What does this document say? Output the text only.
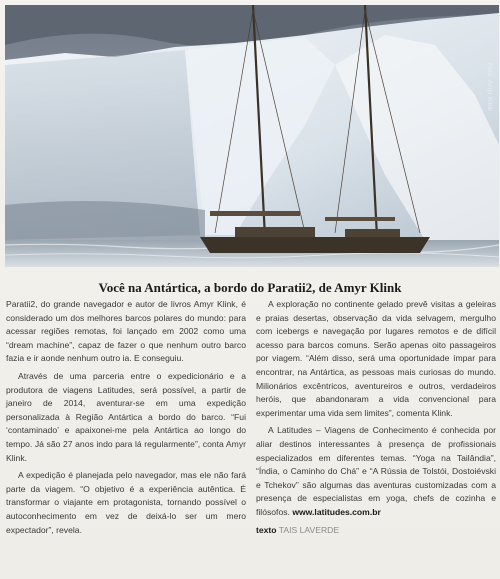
Foto: Amyr Klink
Você na Antártica, a bordo do Paratii2, de Amyr Klink

Paratii2, do grande navegador e autor de livros Amyr Klink, é considerado um dos melhores barcos polares do mundo: para acessar regiões remotas, foi lançado em 2002 como uma “dream machine”, capaz de fazer o que nenhum outro barco fazia e ir aonde nenhum outro ia. E conseguiu.

Através de uma parceria entre o expedicionário e a produtora de viagens Latitudes, será possível, a partir de janeiro de 2014, aventurar-se em uma expedição personalizada à Região Antártica a bordo do barco. “Fui ‘contaminado’ e apaixonei-me pela Antártica ao longo do tempo. Já são 27 anos indo para lá regularmente”, conta Amyr Klink.

A expedição é planejada pelo navegador, mas ele não fará parte da viagem. “O objetivo é a experiência autêntica. É transformar o viajante em protagonista, tornando possível o autoconhecimento em vez de deixá-lo ser um mero expectador”, revela.

A exploração no continente gelado prevê visitas a geleiras e praias desertas, observação da vida selvagem, mergulho com icebergs e navegação por lugares remotos e de difícil acesso para barcos comuns. Serão apenas oito passageiros por viagem. “Além disso, será uma oportunidade ímpar para encontrar, na Antártica, as pessoas mais curiosas do mundo. Milionários excêntricos, aventureiros e outros, verdadeiros heróis, que abandonaram a vida convencional para experimentar uma vida sem limites”, comenta Klink.

A Latitudes – Viagens de Conhecimento é conhecida por aliar destinos interessantes à presença de profissionais especializados em diferentes temas. “Yoga na Tailândia”, “Índia, o Caminho do Chá” e “A Rússia de Tolstói, Dostoiévski e Tchekov” são algumas das aventuras customizadas com a presença de especialistas em yoga, chefs de cozinha e filósofos. www.latitudes.com.br

texto TAIS LAVERDE
